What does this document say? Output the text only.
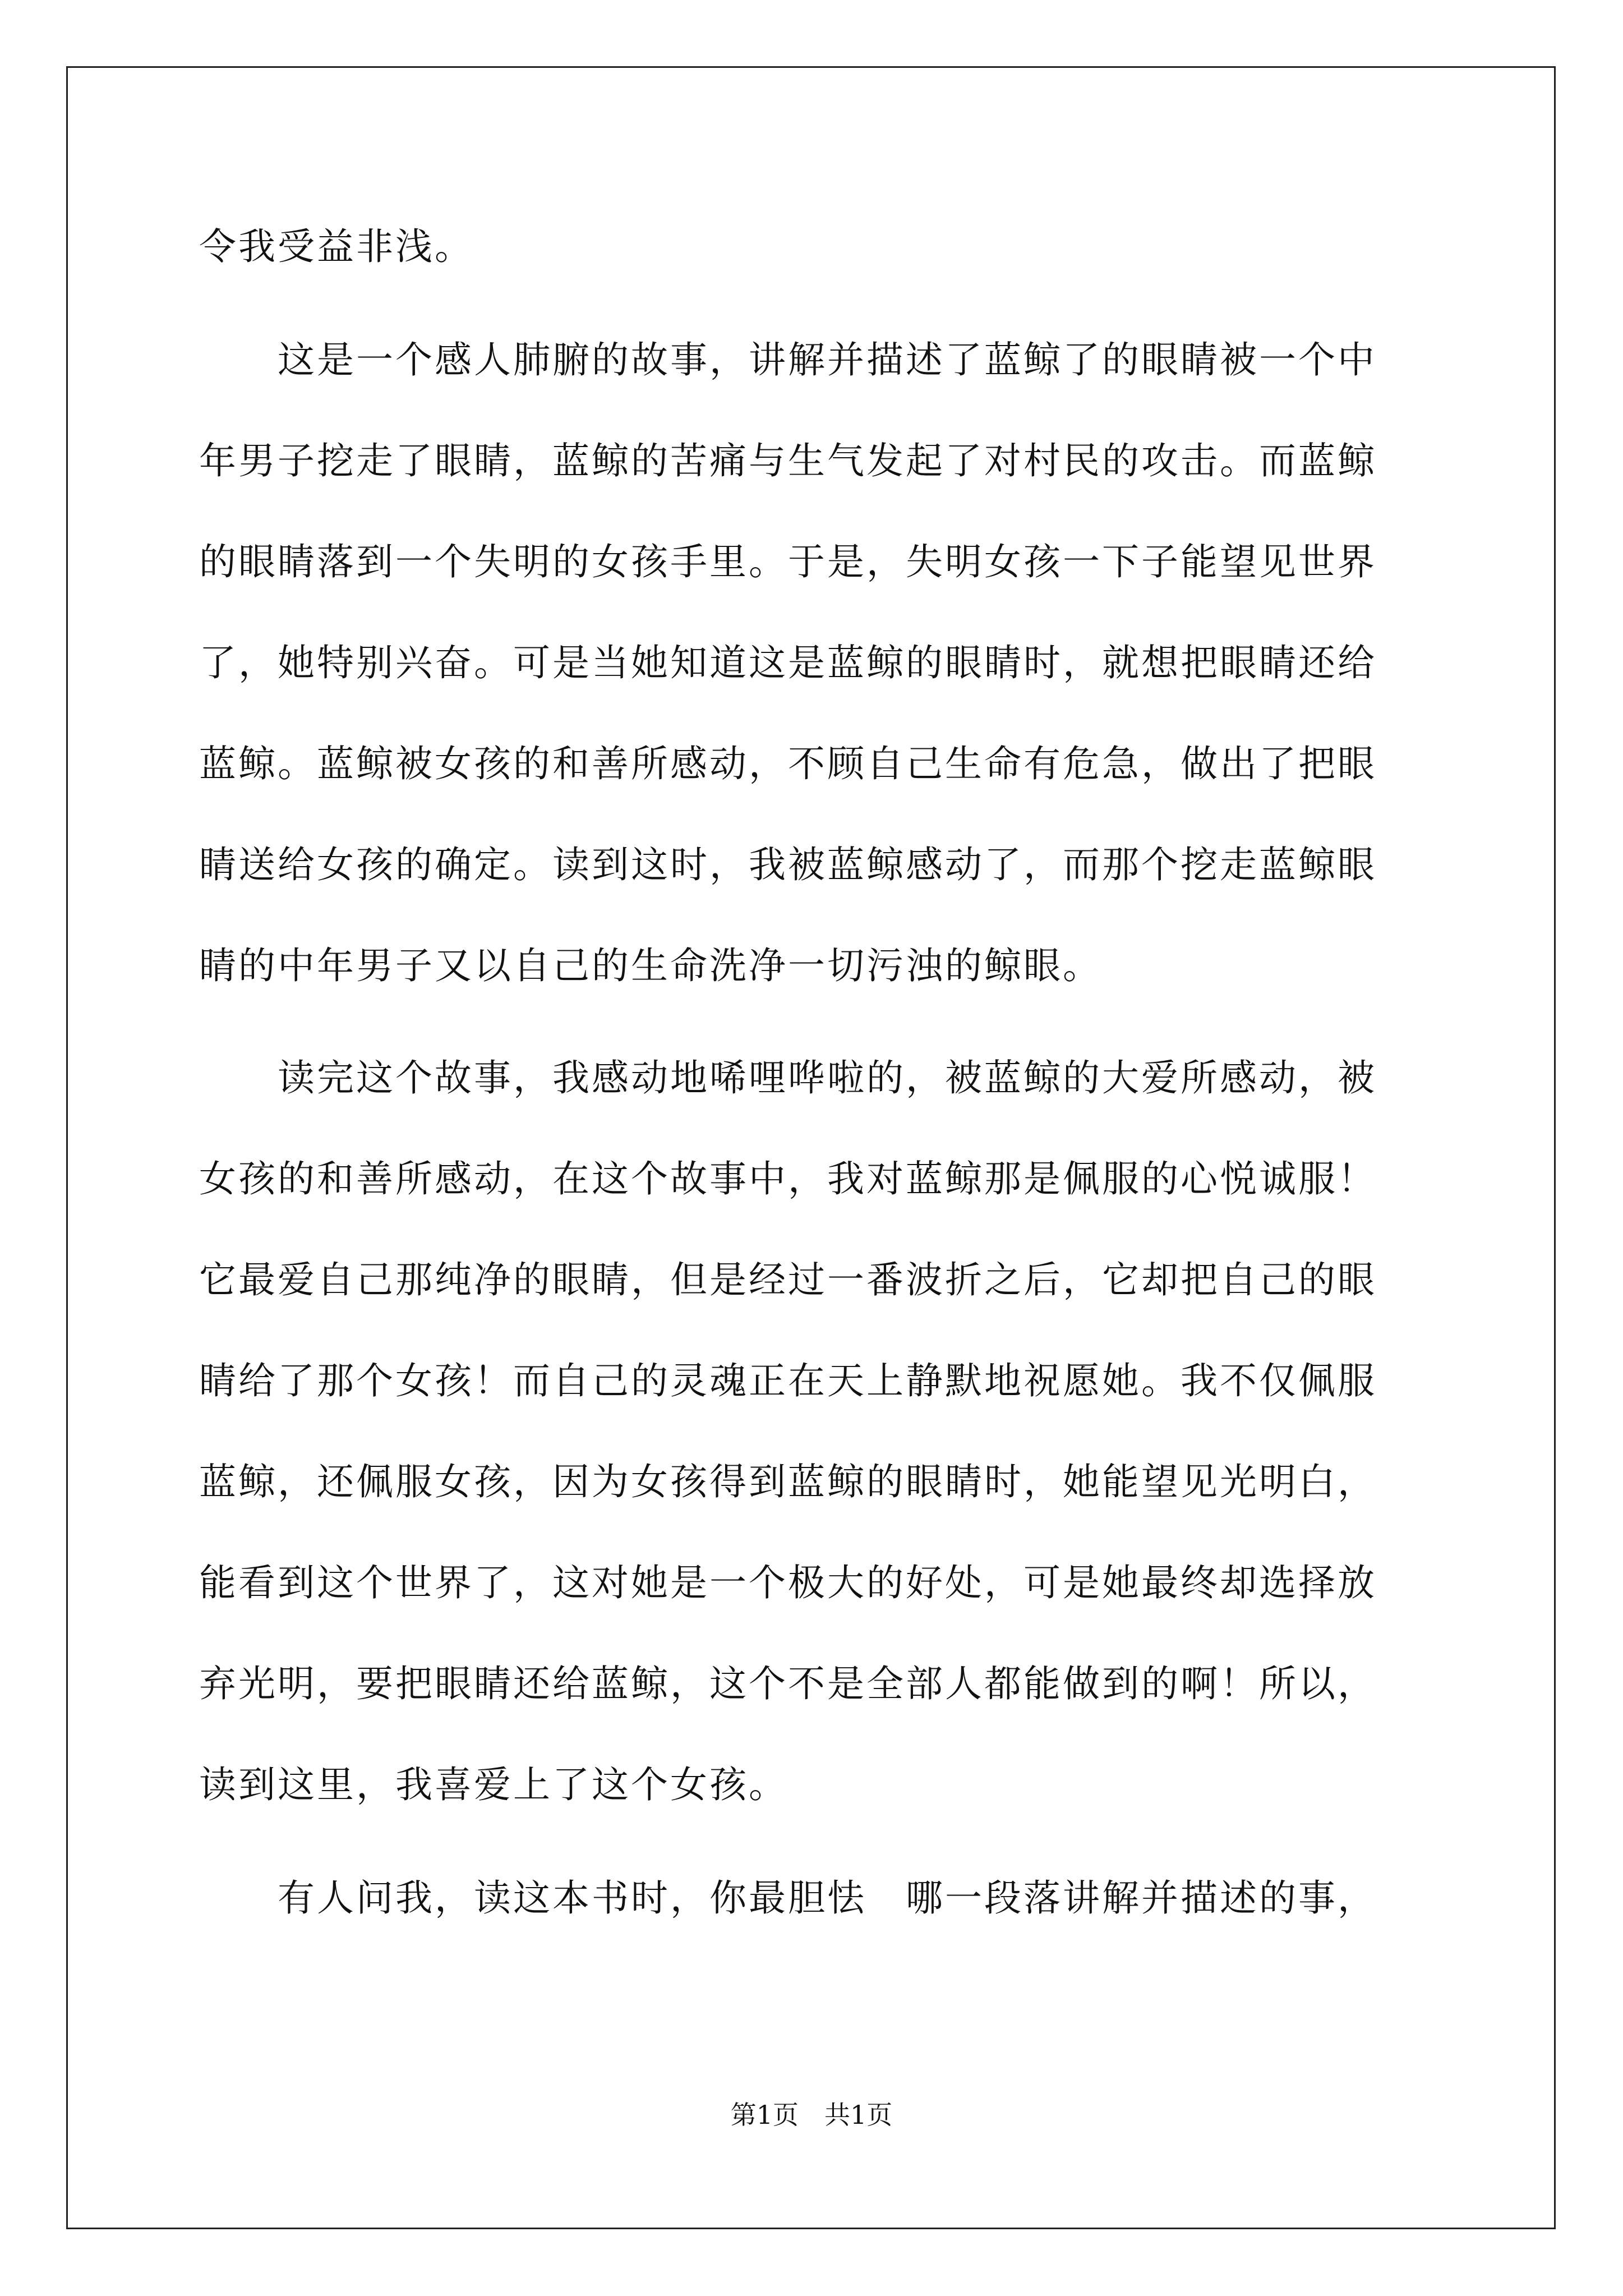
令我受益非浅。
这是一个感人肺腑的故事，讲解并描述了蓝鲸了的眼睛被一个中
年男子挖走了眼睛，蓝鲸的苦痛与生气发起了对村民的攻击。而蓝鲸
的眼睛落到一个失明的女孩手里。于是，失明女孩一下子能望见世界
了，她特别兴奋。可是当她知道这是蓝鲸的眼睛时，就想把眼睛还给
蓝鲸。蓝鲸被女孩的和善所感动，不顾自己生命有危急，做出了把眼
睛送给女孩的确定。读到这时，我被蓝鲸感动了，而那个挖走蓝鲸眼
睛的中年男子又以自己的生命洗净一切污浊的鲸眼。
读完这个故事，我感动地唏哩哗啦的，被蓝鲸的大爱所感动，被
女孩的和善所感动，在这个故事中，我对蓝鲸那是佩服的心悦诚服！
它最爱自己那纯净的眼睛，但是经过一番波折之后，它却把自己的眼
睛给了那个女孩！而自己的灵魂正在天上静默地祝愿她。我不仅佩服
蓝鲸，还佩服女孩，因为女孩得到蓝鲸的眼睛时，她能望见光明白，
能看到这个世界了，这对她是一个极大的好处，可是她最终却选择放
弃光明，要把眼睛还给蓝鲸，这个不是全部人都能做到的啊！所以，
读到这里，我喜爱上了这个女孩。
有人问我，读这本书时，你最胆怯　哪一段落讲解并描述的事，
第1页　共1页
